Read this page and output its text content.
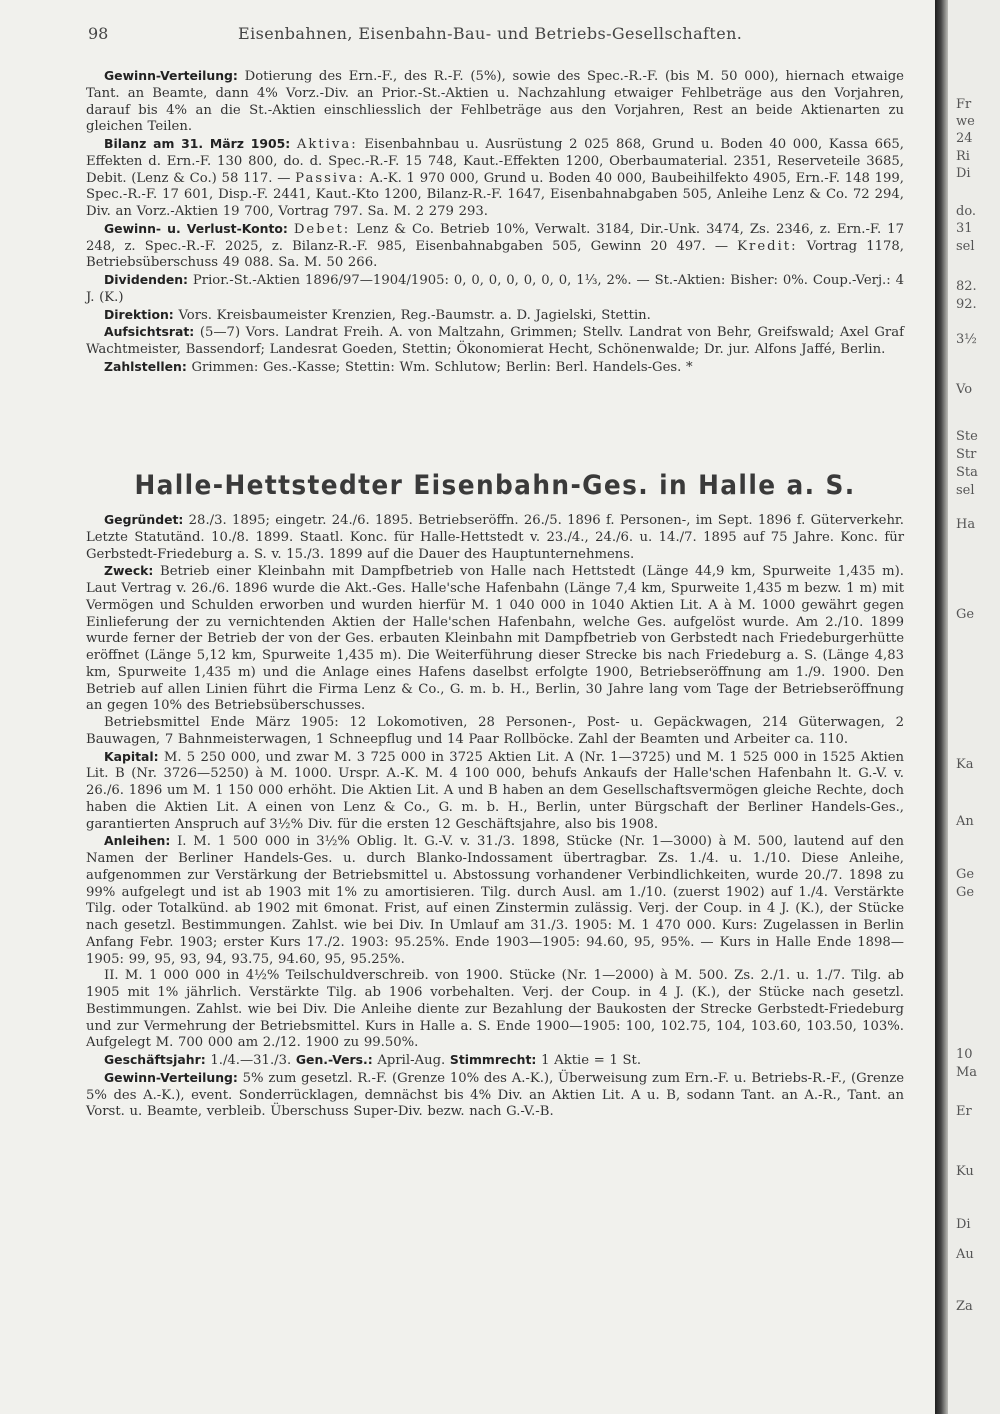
98	Eisenbahnen, Eisenbahn-Bau- und Betriebs-Gesellschaften.

Gewinn-Verteilung: Dotierung des Ern.-F., des R.-F. (5%), sowie des Spec.-R.-F. (bis M. 50 000), hiernach etwaige Tant. an Beamte, dann 4% Vorz.-Div. an Prior.-St.-Aktien u. Nachzahlung etwaiger Fehlbeträge aus den Vorjahren, darauf bis 4% an die St.-Aktien einschliesslich der Fehlbeträge aus den Vorjahren, Rest an beide Aktienarten zu gleichen Teilen.

Bilanz am 31. März 1905: Aktiva: Eisenbahnbau u. Ausrüstung 2 025 868, Grund u. Boden 40 000, Kassa 665, Effekten d. Ern.-F. 130 800, do. d. Spec.-R.-F. 15 748, Kaut.-Effekten 1200, Oberbaumaterial. 2351, Reserveteile 3685, Debit. (Lenz & Co.) 58 117. — Passiva: A.-K. 1 970 000, Grund u. Boden 40 000, Baubeihilfekto 4905, Ern.-F. 148 199, Spec.-R.-F. 17 601, Disp.-F. 2441, Kaut.-Kto 1200, Bilanz-R.-F. 1647, Eisenbahnabgaben 505, Anleihe Lenz & Co. 72 294, Div. an Vorz.-Aktien 19 700, Vortrag 797. Sa. M. 2 279 293.

Gewinn- u. Verlust-Konto: Debet: Lenz & Co. Betrieb 10%, Verwalt. 3184, Dir.-Unk. 3474, Zs. 2346, z. Ern.-F. 17 248, z. Spec.-R.-F. 2025, z. Bilanz-R.-F. 985, Eisenbahnabgaben 505, Gewinn 20 497. — Kredit: Vortrag 1178, Betriebsüberschuss 49 088. Sa. M. 50 266.

Dividenden: Prior.-St.-Aktien 1896/97—1904/1905: 0, 0, 0, 0, 0, 0, 0, 1⅓, 2%. — St.-Aktien: Bisher: 0%. Coup.-Verj.: 4 J. (K.)

Direktion: Vors. Kreisbaumeister Krenzien, Reg.-Baumstr. a. D. Jagielski, Stettin.

Aufsichtsrat: (5—7) Vors. Landrat Freih. A. von Maltzahn, Grimmen; Stellv. Landrat von Behr, Greifswald; Axel Graf Wachtmeister, Bassendorf; Landesrat Goeden, Stettin; Ökonomierat Hecht, Schönenwalde; Dr. jur. Alfons Jaffé, Berlin.

Zahlstellen: Grimmen: Ges.-Kasse; Stettin: Wm. Schlutow; Berlin: Berl. Handels-Ges. *

Halle-Hettstedter Eisenbahn-Ges. in Halle a. S.

Gegründet: 28./3. 1895; eingetr. 24./6. 1895. Betriebseröffn. 26./5. 1896 f. Personen-, im Sept. 1896 f. Güterverkehr. Letzte Statutänd. 10./8. 1899. Staatl. Konc. für Halle-Hettstedt v. 23./4., 24./6. u. 14./7. 1895 auf 75 Jahre. Konc. für Gerbstedt-Friedeburg a. S. v. 15./3. 1899 auf die Dauer des Hauptunternehmens.

Zweck: Betrieb einer Kleinbahn mit Dampfbetrieb von Halle nach Hettstedt (Länge 44,9 km, Spurweite 1,435 m). Laut Vertrag v. 26./6. 1896 wurde die Akt.-Ges. Halle'sche Hafenbahn (Länge 7,4 km, Spurweite 1,435 m bezw. 1 m) mit Vermögen und Schulden erworben und wurden hierfür M. 1 040 000 in 1040 Aktien Lit. A à M. 1000 gewährt gegen Einlieferung der zu vernichtenden Aktien der Halle'schen Hafenbahn, welche Ges. aufgelöst wurde. Am 2./10. 1899 wurde ferner der Betrieb der von der Ges. erbauten Kleinbahn mit Dampfbetrieb von Gerbstedt nach Friedeburgerhütte eröffnet (Länge 5,12 km, Spurweite 1,435 m). Die Weiterführung dieser Strecke bis nach Friedeburg a. S. (Länge 4,83 km, Spurweite 1,435 m) und die Anlage eines Hafens daselbst erfolgte 1900, Betriebseröffnung am 1./9. 1900. Den Betrieb auf allen Linien führt die Firma Lenz & Co., G. m. b. H., Berlin, 30 Jahre lang vom Tage der Betriebseröffnung an gegen 10% des Betriebsüberschusses.

Betriebsmittel Ende März 1905: 12 Lokomotiven, 28 Personen-, Post- u. Gepäckwagen, 214 Güterwagen, 2 Bauwagen, 7 Bahnmeisterwagen, 1 Schneepflug und 14 Paar Rollböcke. Zahl der Beamten und Arbeiter ca. 110.

Kapital: M. 5 250 000, und zwar M. 3 725 000 in 3725 Aktien Lit. A (Nr. 1—3725) und M. 1 525 000 in 1525 Aktien Lit. B (Nr. 3726—5250) à M. 1000. Urspr. A.-K. M. 4 100 000, behufs Ankaufs der Halle'schen Hafenbahn lt. G.-V. v. 26./6. 1896 um M. 1 150 000 erhöht. Die Aktien Lit. A und B haben an dem Gesellschaftsvermögen gleiche Rechte, doch haben die Aktien Lit. A einen von Lenz & Co., G. m. b. H., Berlin, unter Bürgschaft der Berliner Handels-Ges., garantierten Anspruch auf 3½% Div. für die ersten 12 Geschäftsjahre, also bis 1908.

Anleihen: I. M. 1 500 000 in 3½% Oblig. lt. G.-V. v. 31./3. 1898, Stücke (Nr. 1—3000) à M. 500, lautend auf den Namen der Berliner Handels-Ges. u. durch Blanko-Indossament übertragbar. Zs. 1./4. u. 1./10. Diese Anleihe, aufgenommen zur Verstärkung der Betriebsmittel u. Abstossung vorhandener Verbindlichkeiten, wurde 20./7. 1898 zu 99% aufgelegt und ist ab 1903 mit 1% zu amortisieren. Tilg. durch Ausl. am 1./10. (zuerst 1902) auf 1./4. Verstärkte Tilg. oder Totalkünd. ab 1902 mit 6monat. Frist, auf einen Zinstermin zulässig. Verj. der Coup. in 4 J. (K.), der Stücke nach gesetzl. Bestimmungen. Zahlst. wie bei Div. In Umlauf am 31./3. 1905: M. 1 470 000. Kurs: Zugelassen in Berlin Anfang Febr. 1903; erster Kurs 17./2. 1903: 95.25%. Ende 1903—1905: 94.60, 95, 95%. — Kurs in Halle Ende 1898—1905: 99, 95, 93, 94, 93.75, 94.60, 95, 95.25%.

II. M. 1 000 000 in 4½% Teilschuldverschreib. von 1900. Stücke (Nr. 1—2000) à M. 500. Zs. 2./1. u. 1./7. Tilg. ab 1905 mit 1% jährlich. Verstärkte Tilg. ab 1906 vorbehalten. Verj. der Coup. in 4 J. (K.), der Stücke nach gesetzl. Bestimmungen. Zahlst. wie bei Div. Die Anleihe diente zur Bezahlung der Baukosten der Strecke Gerbstedt-Friedeburg und zur Vermehrung der Betriebsmittel. Kurs in Halle a. S. Ende 1900—1905: 100, 102.75, 104, 103.60, 103.50, 103%. Aufgelegt M. 700 000 am 2./12. 1900 zu 99.50%.

Geschäftsjahr: 1./4.—31./3. Gen.-Vers.: April-Aug. Stimmrecht: 1 Aktie = 1 St.

Gewinn-Verteilung: 5% zum gesetzl. R.-F. (Grenze 10% des A.-K.), Überweisung zum Ern.-F. u. Betriebs-R.-F., (Grenze 5% des A.-K.), event. Sonderrücklagen, demnächst bis 4% Div. an Aktien Lit. A u. B, sodann Tant. an A.-R., Tant. an Vorst. u. Beamte, verbleib. Überschuss Super-Div. bezw. nach G.-V.-B.

Fr
we
24
Ri
Di
do.
31
sel
82.
92.
3½
Vo
Ste
Str
Sta
sel
Ha
Ge
Ka
An
Ge
Ge
10
Ma
Er
Ku
Di
Au
Za
